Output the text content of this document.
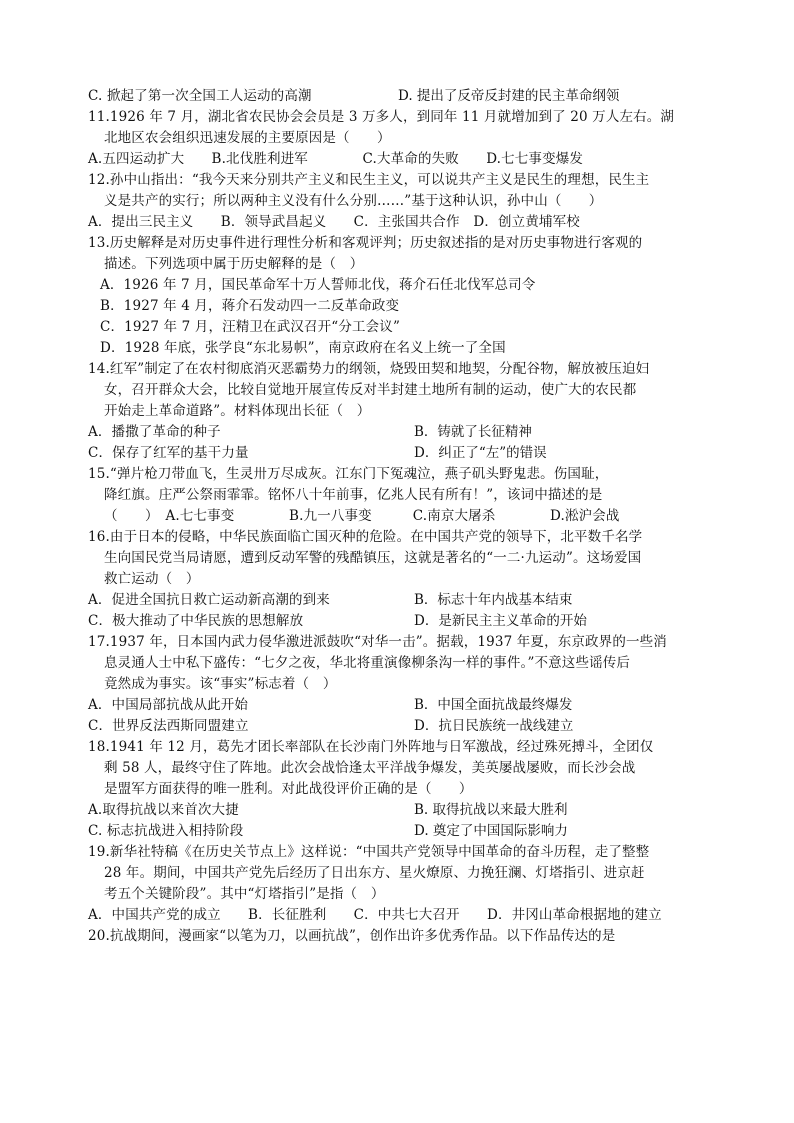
C. 掀起了第一次全国工人运动的高潮	D. 提出了反帝反封建的民主革命纲领
11.1926 年 7 月，湖北省农民协会会员是 3 万多人，到同年 11 月就增加到了 20 万人左右。湖
北地区农会组织迅速发展的主要原因是（　　）
A.五四运动扩大　　B.北伐胜利进军　　　　C.大革命的失败　　D.七七事变爆发
12.孙中山指出：“我今天来分别共产主义和民生主义，可以说共产主义是民生的理想，民生主
义是共产的实行；所以两种主义没有什么分别……”基于这种认识，孙中山（　　）
A．提出三民主义　　B．领导武昌起义　　C．主张国共合作　D．创立黄埔军校
13.历史解释是对历史事件进行理性分析和客观评判；历史叙述指的是对历史事物进行客观的
描述。下列选项中属于历史解释的是（　）
A．1926 年 7 月，国民革命军十万人誓师北伐，蒋介石任北伐军总司令
B．1927 年 4 月，蒋介石发动四一二反革命政变
C．1927 年 7 月，汪精卫在武汉召开“分工会议”
D．1928 年底，张学良“东北易帜”，南京政府在名义上统一了全国
14.红军”制定了在农村彻底消灭恶霸势力的纲领，烧毁田契和地契，分配谷物，解放被压迫妇
女，召开群众大会，比较自觉地开展宣传反对半封建土地所有制的运动，使广大的农民都
开始走上革命道路”。材料体现出长征（　）
A．播撒了革命的种子	B．铸就了长征精神
C．保存了红军的基干力量	D．纠正了“左”的错误
15.“弹片枪刀带血飞，生灵卅万尽成灰。江东门下冤魂泣，燕子矶头野鬼悲。伤国耻，
降红旗。庄严公祭雨霏霏。铭怀八十年前事，亿兆人民有所有！”，该词中描述的是
（　　）　A.七七事变　　　　B.九一八事变　　　C.南京大屠杀　　　　D.淞沪会战
16.由于日本的侵略，中华民族面临亡国灭种的危险。在中国共产党的领导下，北平数千名学
生向国民党当局请愿，遭到反动军警的残酷镇压，这就是著名的“一二·九运动”。这场爱国
救亡运动（　）
A．促进全国抗日救亡运动新高潮的到来	B．标志十年内战基本结束
C．极大推动了中华民族的思想解放	D．是新民主主义革命的开始
17.1937 年，日本国内武力侵华激进派鼓吹“对华一击”。据载，1937 年夏，东京政界的一些消
息灵通人士中私下盛传：“七夕之夜，华北将重演像柳条沟一样的事件。”不意这些谣传后
竟然成为事实。该“事实”标志着（　）
A．中国局部抗战从此开始	B．中国全面抗战最终爆发
C．世界反法西斯同盟建立	D．抗日民族统一战线建立
18.1941 年 12 月，葛先才团长率部队在长沙南门外阵地与日军激战，经过殊死搏斗，全团仅
剩 58 人，最终守住了阵地。此次会战恰逢太平洋战争爆发，美英屡战屡败，而长沙会战
是盟军方面获得的唯一胜利。对此战役评价正确的是（　　）
A.取得抗战以来首次大捷	B. 取得抗战以来最大胜利
C. 标志抗战进入相持阶段	D. 奠定了中国国际影响力
19.新华社特稿《在历史关节点上》这样说：“中国共产党领导中国革命的奋斗历程，走了整整
28 年。期间，中国共产党先后经历了日出东方、星火燎原、力挽狂澜、灯塔指引、进京赶
考五个关键阶段”。其中“灯塔指引”是指（　）
A．中国共产党的成立　　B．长征胜利　　C．中共七大召开　　D．井冈山革命根据地的建立
20.抗战期间，漫画家“以笔为刀，以画抗战”，创作出许多优秀作品。以下作品传达的是
